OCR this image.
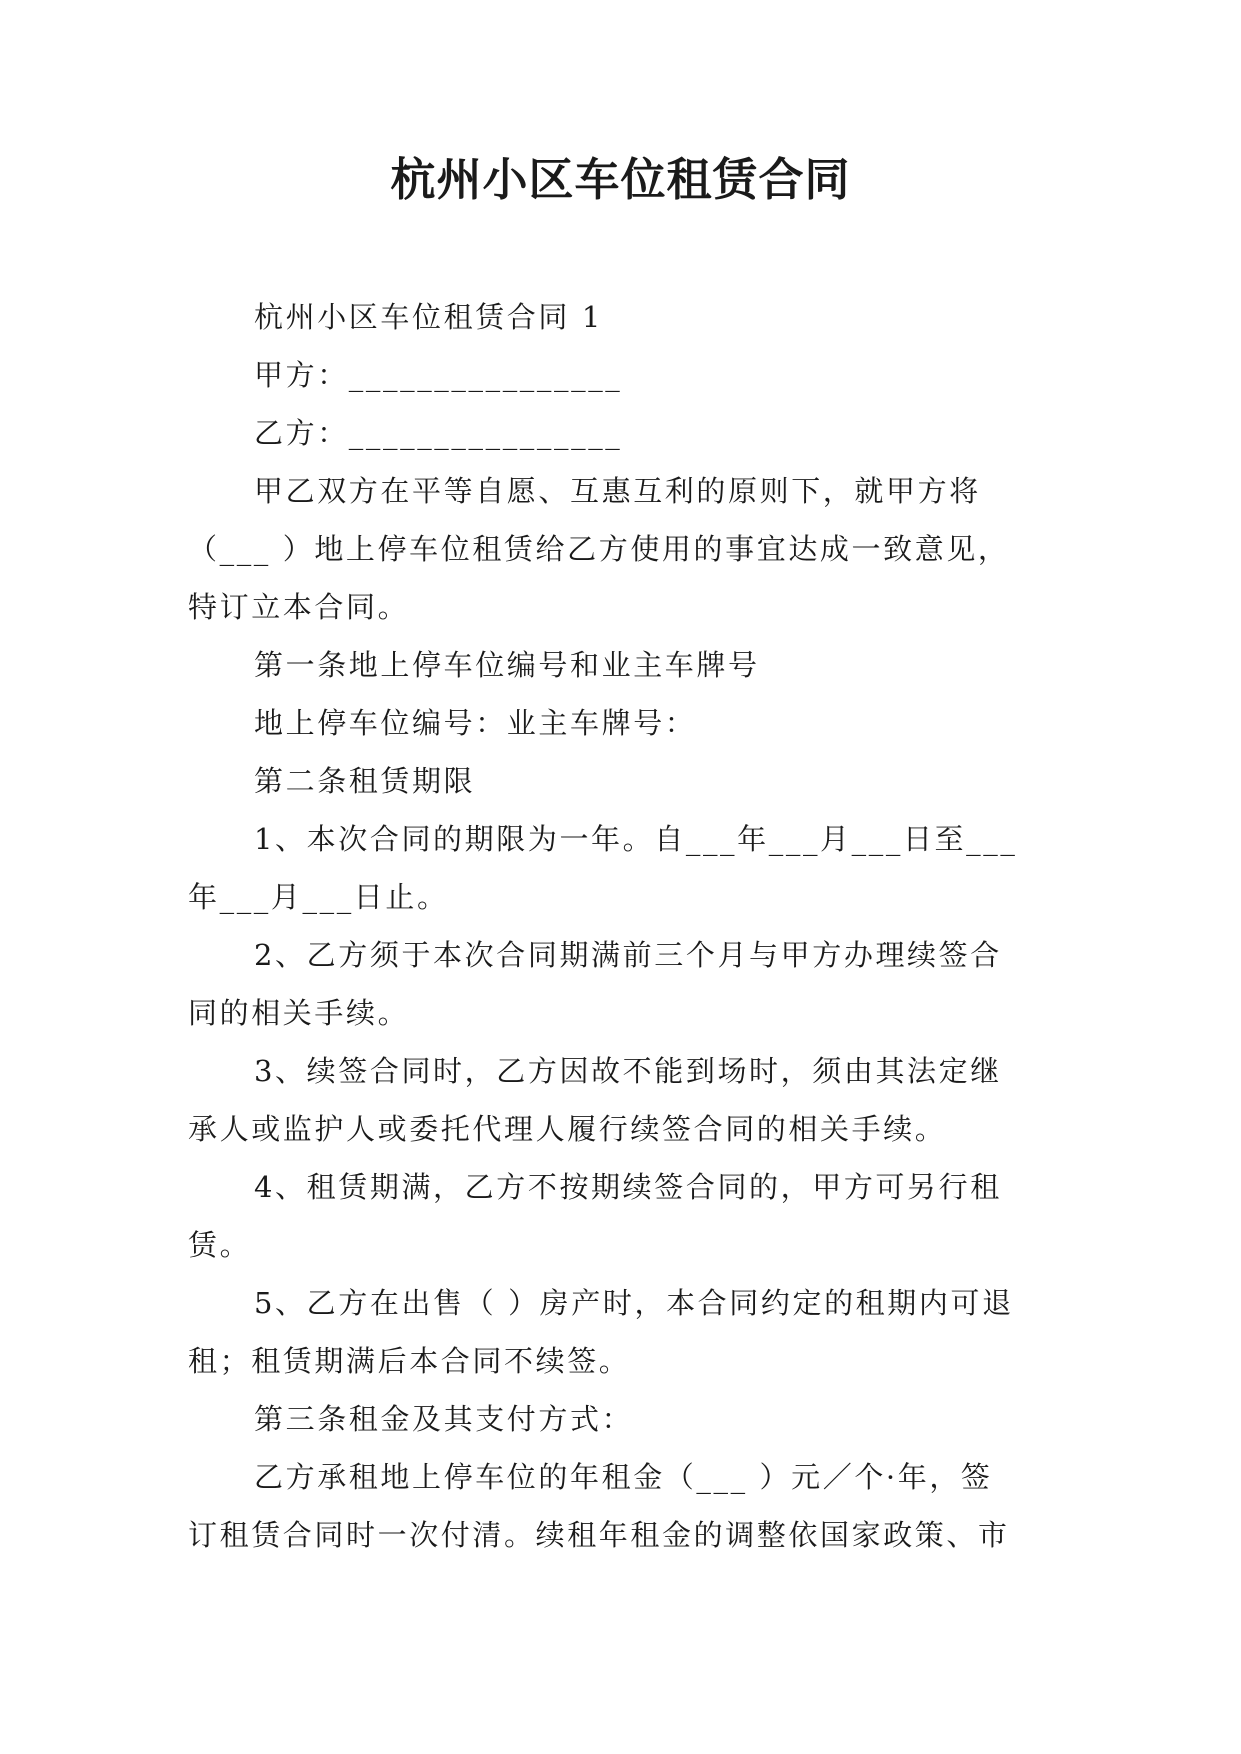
杭州小区车位租赁合同

杭州小区车位租赁合同 1

甲方：________________

乙方：________________

甲乙双方在平等自愿、互惠互利的原则下，就甲方将
（___ ）地上停车位租赁给乙方使用的事宜达成一致意见，
特订立本合同。

第一条地上停车位编号和业主车牌号

地上停车位编号：业主车牌号：

第二条租赁期限

1、本次合同的期限为一年。自___年___月___日至___
年___月___日止。

2、乙方须于本次合同期满前三个月与甲方办理续签合
同的相关手续。

3、续签合同时，乙方因故不能到场时，须由其法定继
承人或监护人或委托代理人履行续签合同的相关手续。

4、租赁期满，乙方不按期续签合同的，甲方可另行租
赁。

5、乙方在出售（ ）房产时，本合同约定的租期内可退
租；租赁期满后本合同不续签。

第三条租金及其支付方式：

乙方承租地上停车位的年租金（___ ）元／个·年，签
订租赁合同时一次付清。续租年租金的调整依国家政策、市
